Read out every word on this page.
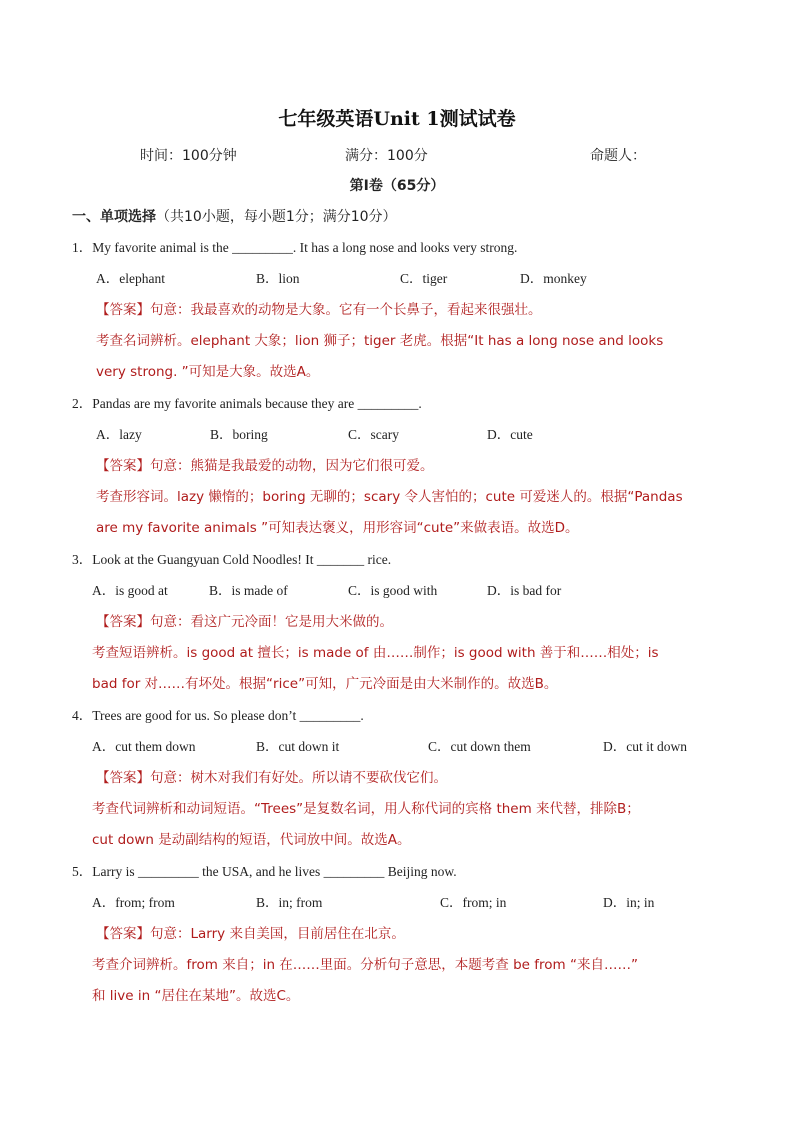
七年级英语Unit 1测试试卷
时间：100分钟	满分：100分	命题人：
第I卷（65分）
一、单项选择（共10小题，每小题1分；满分10分）
1．My favorite animal is the _________. It has a long nose and looks very strong.
A．elephant	B．lion	C．tiger	D．monkey
【答案】句意：我最喜欢的动物是大象。它有一个长鼻子，看起来很强壮。
考查名词辨析。elephant 大象；lion 狮子；tiger 老虎。根据“It has a long nose and looks
very strong. ”可知是大象。故选A。
2．Pandas are my favorite animals because they are _________.
A．lazy	B．boring	C．scary	D．cute
【答案】句意：熊猫是我最爱的动物，因为它们很可爱。
考查形容词。lazy 懒惰的；boring 无聊的；scary 令人害怕的；cute 可爱迷人的。根据“Pandas
are my favorite animals ”可知表达褒义，用形容词“cute”来做表语。故选D。
3．Look at the Guangyuan Cold Noodles! It _______ rice.
A．is good at	B．is made of	C．is good with	D．is bad for
【答案】句意：看这广元冷面！它是用大米做的。
考查短语辨析。is good at 擅长；is made of 由……制作；is good with 善于和……相处；is
bad for 对……有坏处。根据“rice”可知，广元冷面是由大米制作的。故选B。
4．Trees are good for us. So please don’t _________.
A．cut them down	B．cut down it	C．cut down them	D．cut it down
【答案】句意：树木对我们有好处。所以请不要砍伐它们。
考查代词辨析和动词短语。“Trees”是复数名词，用人称代词的宾格 them 来代替，排除B；
cut down 是动副结构的短语，代词放中间。故选A。
5．Larry is _________ the USA, and he lives _________ Beijing now.
A．from; from	B．in; from	C．from; in	D．in; in
【答案】句意：Larry 来自美国，目前居住在北京。
考查介词辨析。from 来自；in 在……里面。分析句子意思，本题考查 be from “来自……”
和 live in “居住在某地”。故选C。
